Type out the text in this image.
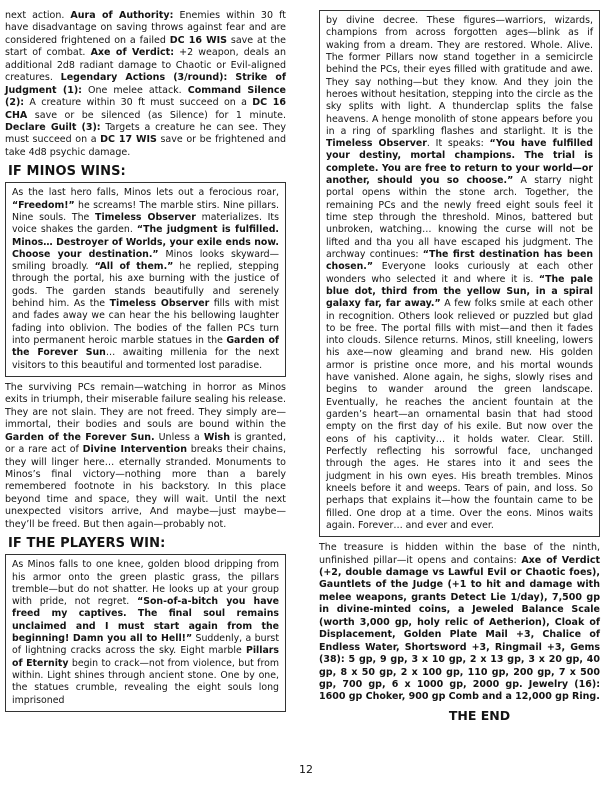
next action. Aura of Authority: Enemies within 30 ft have disadvantage on saving throws against fear and are considered frightened on a failed DC 16 WIS save at the start of combat. Axe of Verdict: +2 weapon, deals an additional 2d8 radiant damage to Chaotic or Evil-aligned creatures. Legendary Actions (3/round): Strike of Judgment (1): One melee attack. Command Silence (2): A creature within 30 ft must succeed on a DC 16 CHA save or be silenced (as Silence) for 1 minute. Declare Guilt (3): Targets a creature he can see. They must succeed on a DC 17 WIS save or be frightened and take 4d8 psychic damage.

IF MINOS WINS:

As the last hero falls, Minos lets out a ferocious roar, “Freedom!” he screams! The marble stirs. Nine pillars. Nine souls. The Timeless Observer materializes. Its voice shakes the garden. “The judgment is fulfilled. Minos… Destroyer of Worlds, your exile ends now. Choose your destination.” Minos looks skyward—smiling broadly. “All of them.” he replied, stepping through the portal, his axe burning with the justice of gods. The garden stands beautifully and serenely behind him. As the Timeless Observer fills with mist and fades away we can hear the his bellowing laughter fading into oblivion. The bodies of the fallen PCs turn into permanent heroic marble statues in the Garden of the Forever Sun… awaiting millenia for the next visitors to this beautiful and tormented lost paradise.

The surviving PCs remain—watching in horror as Minos exits in triumph, their miserable failure sealing his release. They are not slain. They are not freed. They simply are—immortal, their bodies and souls are bound within the Garden of the Forever Sun. Unless a Wish is granted, or a rare act of Divine Intervention breaks their chains, they will linger here… eternally stranded. Monuments to Minos’s final victory—nothing more than a barely remembered footnote in his backstory. In this place beyond time and space, they will wait. Until the next unexpected visitors arrive, And maybe—just maybe—they’ll be freed. But then again—probably not.

IF THE PLAYERS WIN:

As Minos falls to one knee, golden blood dripping from his armor onto the green plastic grass, the pillars tremble—but do not shatter. He looks up at your group with pride, not regret. “Son-of-a-bitch you have freed my captives. The final soul remains unclaimed and I must start again from the beginning! Damn you all to Hell!” Suddenly, a burst of lightning cracks across the sky. Eight marble Pillars of Eternity begin to crack—not from violence, but from within. Light shines through ancient stone. One by one, the statues crumble, revealing the eight souls long imprisoned

by divine decree. These figures—warriors, wizards, champions from across forgotten ages—blink as if waking from a dream. They are restored. Whole. Alive. The former Pillars now stand together in a semicircle behind the PCs, their eyes filled with gratitude and awe. They say nothing—but they know. And they join the heroes without hesitation, stepping into the circle as the sky splits with light. A thunderclap splits the false heavens. A henge monolith of stone appears before you in a ring of sparkling flashes and starlight. It is the Timeless Observer. It speaks: “You have fulfilled your destiny, mortal champions. The trial is complete. You are free to return to your world—or another, should you so choose.” A starry night portal opens within the stone arch. Together, the remaining PCs and the newly freed eight souls feel it time step through the threshold. Minos, battered but unbroken, watching… knowing the curse will not be lifted and tha you all have escaped his judgment. The archway continues: “The first destination has been chosen.” Everyone looks curiously at each other wonders who selected it and where it is. “The pale blue dot, third from the yellow Sun, in a spiral galaxy far, far away.” A few folks smile at each other in recognition. Others look relieved or puzzled but glad to be free. The portal fills with mist—and then it fades into clouds. Silence returns. Minos, still kneeling, lowers his axe—now gleaming and brand new. His golden armor is pristine once more, and his mortal wounds have vanished. Alone again, he sighs, slowly rises and begins to wander around the green landscape. Eventually, he reaches the ancient fountain at the garden’s heart—an ornamental basin that had stood empty on the first day of his exile. But now over the eons of his captivity… it holds water. Clear. Still. Perfectly reflecting his sorrowful face, unchanged through the ages. He stares into it and sees the judgment in his own eyes. His breath trembles. Minos kneels before it and weeps. Tears of pain, and loss. So perhaps that explains it—how the fountain came to be filled. One drop at a time. Over the eons. Minos waits again. Forever… and ever and ever.

The treasure is hidden within the base of the ninth, unfinished pillar—it opens and contains: Axe of Verdict (+2, double damage vs Lawful Evil or Chaotic foes), Gauntlets of the Judge (+1 to hit and damage with melee weapons, grants Detect Lie 1/day), 7,500 gp in divine-minted coins, a Jeweled Balance Scale (worth 3,000 gp, holy relic of Aetherion), Cloak of Displacement, Golden Plate Mail +3, Chalice of Endless Water, Shortsword +3, Ringmail +3, Gems (38): 5 gp, 9 gp, 3 x 10 gp, 2 x 13 gp, 3 x 20 gp, 40 gp, 8 x 50 gp, 2 x 100 gp, 110 gp, 200 gp, 7 x 500 gp, 700 gp, 6 x 1000 gp, 2000 gp. Jewelry (16): 1600 gp Choker, 900 gp Comb and a 12,000 gp Ring.

THE END
12
